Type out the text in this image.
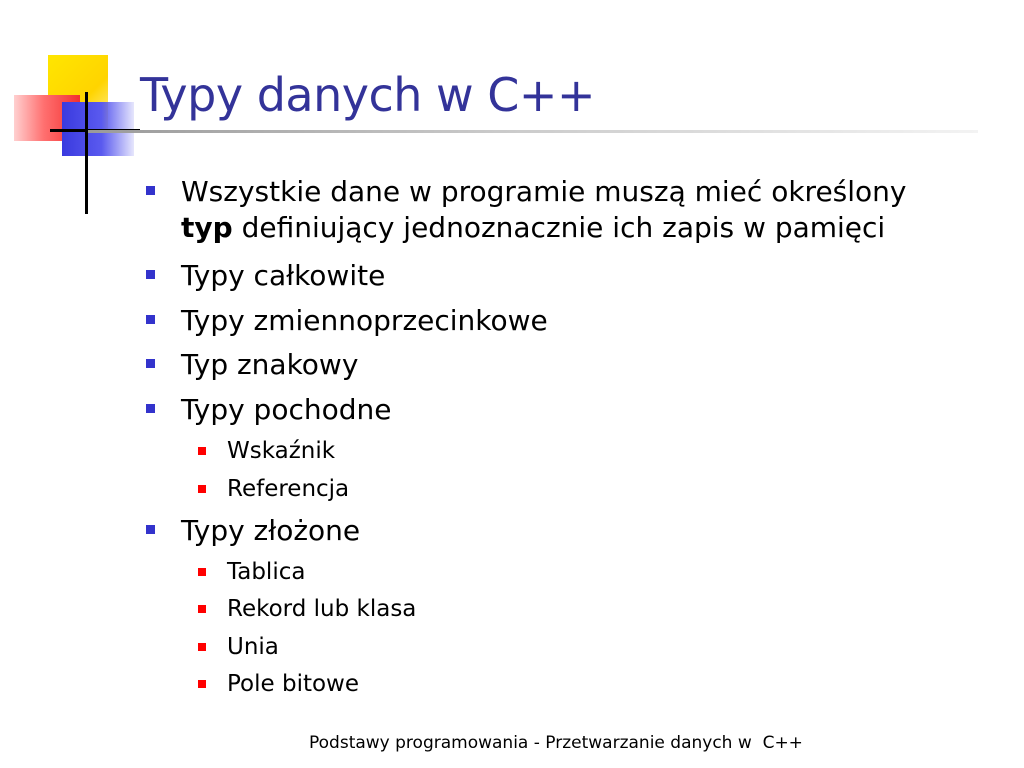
Typy danych w C++
Wszystkie dane w programie muszą mieć określony
typ definiujący jednoznacznie ich zapis w pamięci
Typy całkowite
Typy zmiennoprzecinkowe
Typ znakowy
Typy pochodne
Wskaźnik
Referencja
Typy złożone
Tablica
Rekord lub klasa
Unia
Pole bitowe
Podstawy programowania - Przetwarzanie danych w  C++
